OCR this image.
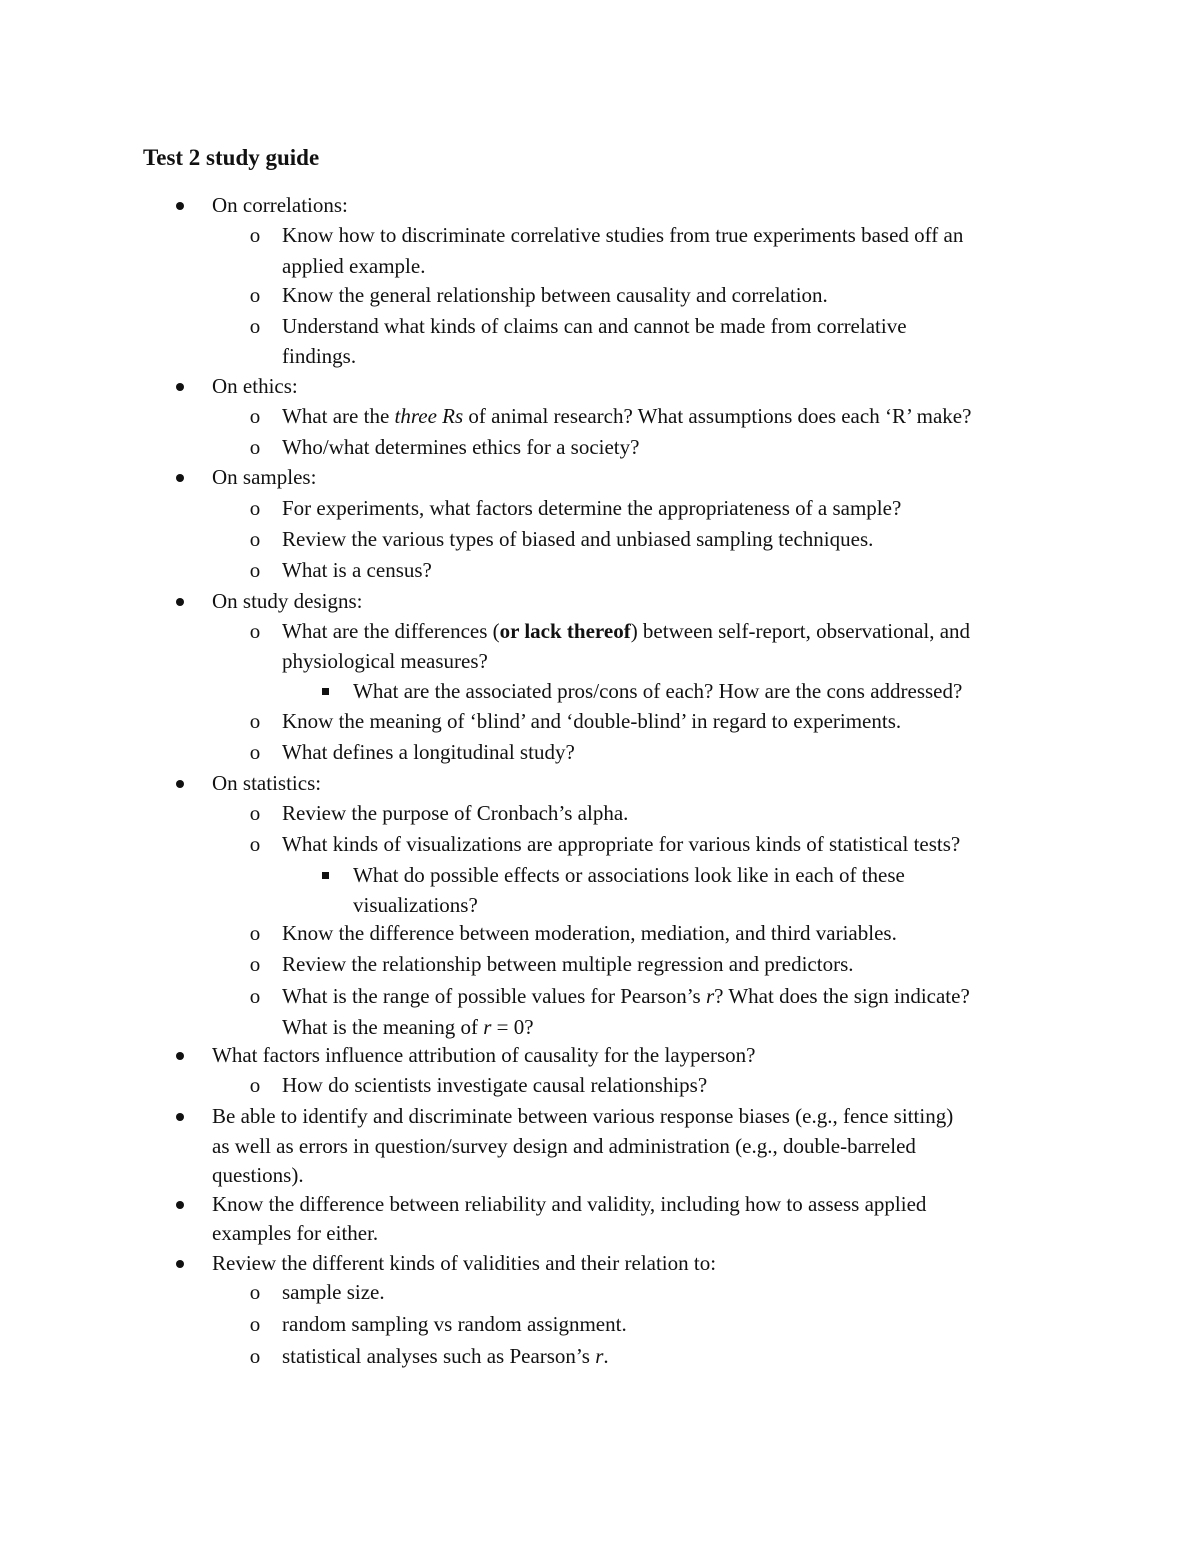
Test 2 study guide
On correlations:
o	Know how to discriminate correlative studies from true experiments based off an
applied example.
o	Know the general relationship between causality and correlation.
o	Understand what kinds of claims can and cannot be made from correlative
findings.
On ethics:
o	What are the three Rs of animal research? What assumptions does each ‘R’ make?
o	Who/what determines ethics for a society?
On samples:
o	For experiments, what factors determine the appropriateness of a sample?
o	Review the various types of biased and unbiased sampling techniques.
o	What is a census?
On study designs:
o	What are the differences (or lack thereof) between self-report, observational, and
physiological measures?
What are the associated pros/cons of each? How are the cons addressed?
o	Know the meaning of ‘blind’ and ‘double-blind’ in regard to experiments.
o	What defines a longitudinal study?
On statistics:
o	Review the purpose of Cronbach’s alpha.
o	What kinds of visualizations are appropriate for various kinds of statistical tests?
What do possible effects or associations look like in each of these
visualizations?
o	Know the difference between moderation, mediation, and third variables.
o	Review the relationship between multiple regression and predictors.
o	What is the range of possible values for Pearson’s r? What does the sign indicate?
What is the meaning of r = 0?
What factors influence attribution of causality for the layperson?
o	How do scientists investigate causal relationships?
Be able to identify and discriminate between various response biases (e.g., fence sitting)
as well as errors in question/survey design and administration (e.g., double-barreled
questions).
Know the difference between reliability and validity, including how to assess applied
examples for either.
Review the different kinds of validities and their relation to:
o	sample size.
o	random sampling vs random assignment.
o	statistical analyses such as Pearson’s r.
